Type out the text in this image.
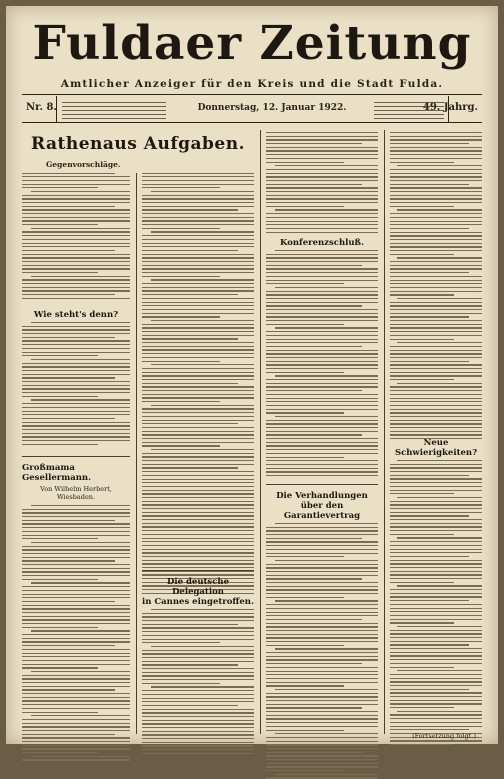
Fuldaer Zeitung
Amtlicher Anzeiger für den Kreis und die Stadt Fulda.
Nr. 8.	Donnerstag, 12. Januar 1922.	49. Jahrg.
Wie steht's denn?
Großmama Gesellermann.
Von Wilhelm Herbert, Wiesbaden.
Die deutsche Delegation
in Cannes eingetroffen.
Rathenaus Aufgaben.
Gegenvorschläge.
Konferenzschluß.
Die Verhandlungen
über den Garantievertrag
Neue Schwierigkeiten?
(Fortsetzung folgt.)
